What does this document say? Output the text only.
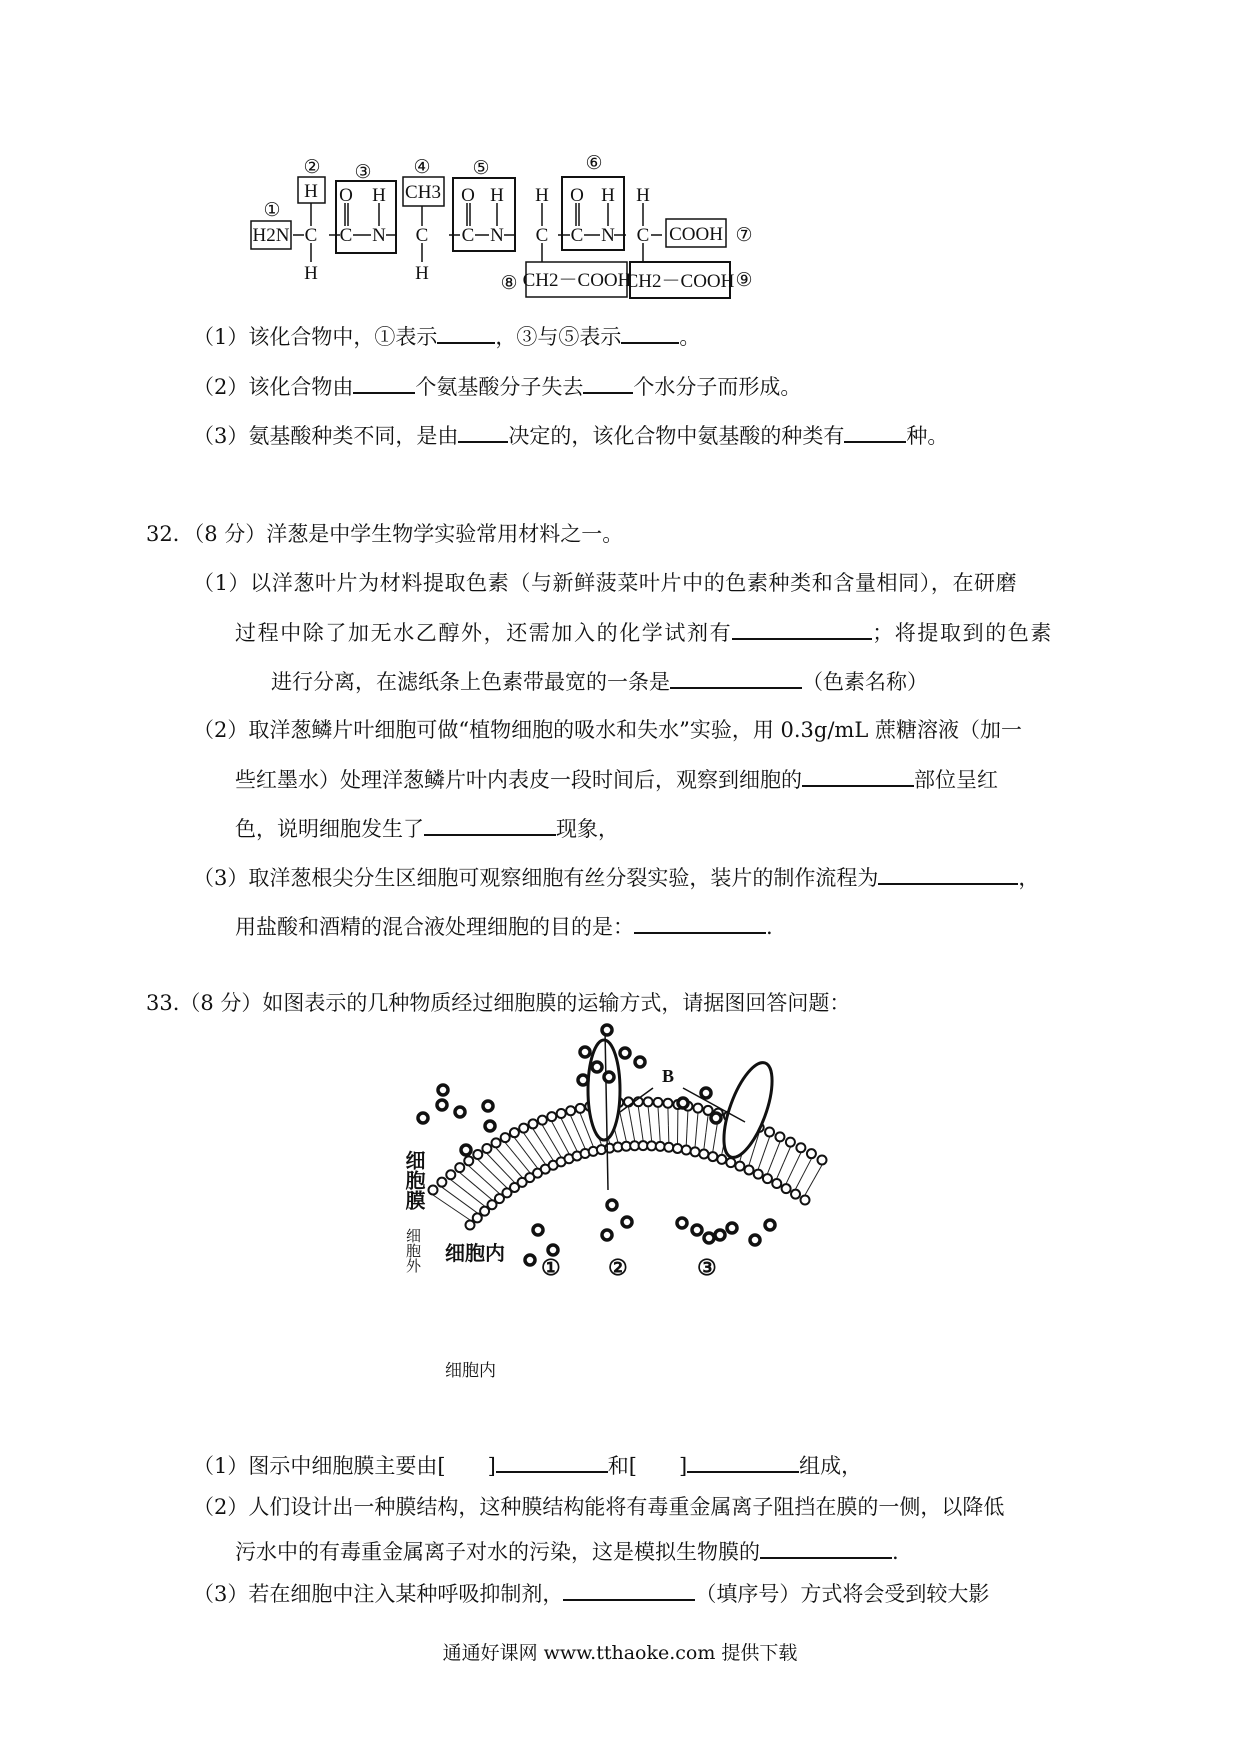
①
② ③ ④ ⑤	⑥
⑦
⑧	⑨
H2N
H
C
H
O H
C N
CH3
C
H
O H
C N
H
C
CH2－COOH
O H
C N
H
C COOH
CH2－COOH
（1）该化合物中，①表示	，③与⑤表示	。
（2）该化合物由	个氨基酸分子失去 个水分子而形成。
（3）氨基酸种类不同，是由 决定的，该化合物中氨基酸的种类有	种。
32．（8 分）洋葱是中学生物学实验常用材料之一。
（1）以洋葱叶片为材料提取色素（与新鲜菠菜叶片中的色素种类和含量相同），在研磨
过程中除了加无水乙醇外，还需加入的化学试剂有	；将提取到的色素
进行分离，在滤纸条上色素带最宽的一条是	（色素名称）
（2）取洋葱鳞片叶细胞可做“植物细胞的吸水和失水”实验，用 0.3g/mL 蔗糖溶液（加一
些红墨水）处理洋葱鳞片叶内表皮一段时间后，观察到细胞的	部位呈红
色，说明细胞发生了	现象，
（3）取洋葱根尖分生区细胞可观察细胞有丝分裂实验，装片的制作流程为	，
用盐酸和酒精的混合液处理细胞的目的是：	.
33.（8 分）如图表示的几种物质经过细胞膜的运输方式，请据图回答问题：
B
细胞膜
细胞外 细胞内
① ②	③
细胞内
（1）图示中细胞膜主要由[ ]	和[ ]	组成，
（2）人们设计出一种膜结构，这种膜结构能将有毒重金属离子阻挡在膜的一侧，以降低
污水中的有毒重金属离子对水的污染，这是模拟生物膜的	.
（3）若在细胞中注入某种呼吸抑制剂，	（填序号）方式将会受到较大影
通通好课网 www.tthaoke.com 提供下载
